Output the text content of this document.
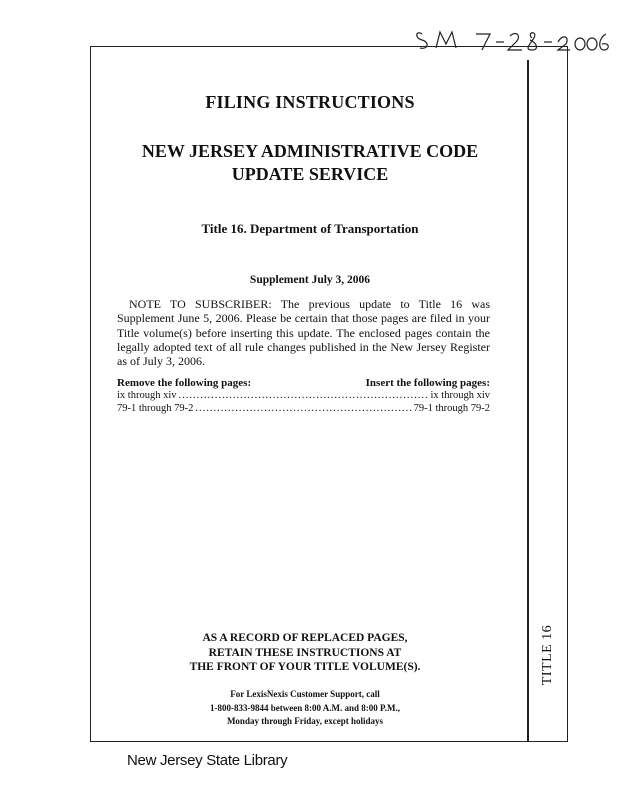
FILING INSTRUCTIONS
NEW JERSEY ADMINISTRATIVE CODE
UPDATE SERVICE
Title 16. Department of Transportation
Supplement July 3, 2006
NOTE TO SUBSCRIBER: The previous update to Title 16 was Supplement June 5, 2006. Please be certain that those pages are filed in your Title volume(s) before inserting this update. The enclosed pages contain the legally adopted text of all rule changes published in the New Jersey Register as of July 3, 2006.
Remove the following pages:	Insert the following pages:
ix through xiv .....	ix through xiv
79-1 through 79-2 .....	79-1 through 79-2
AS A RECORD OF REPLACED PAGES,
RETAIN THESE INSTRUCTIONS AT
THE FRONT OF YOUR TITLE VOLUME(S).
For LexisNexis Customer Support, call
1-800-833-9844 between 8:00 A.M. and 8:00 P.M.,
Monday through Friday, except holidays
TITLE 16
New Jersey State Library
